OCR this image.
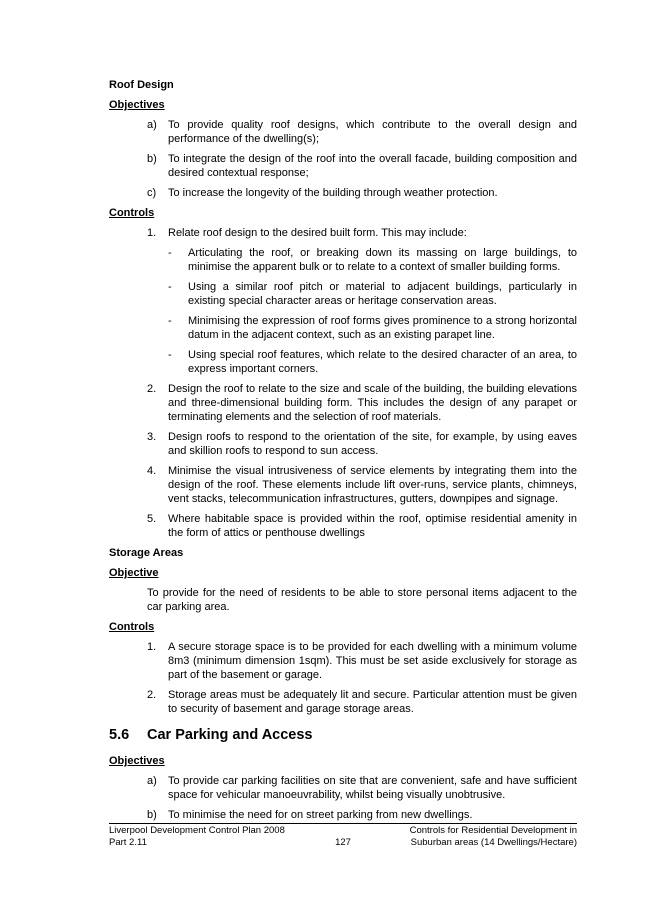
Roof Design
Objectives
a)	To provide quality roof designs, which contribute to the overall design and performance of the dwelling(s);
b)	To integrate the design of the roof into the overall facade, building composition and desired contextual response;
c)	To increase the longevity of the building through weather protection.
Controls
1.	Relate roof design to the desired built form. This may include:
-	Articulating the roof, or breaking down its massing on large buildings, to minimise the apparent bulk or to relate to a context of smaller building forms.
-	Using a similar roof pitch or material to adjacent buildings, particularly in existing special character areas or heritage conservation areas.
-	Minimising the expression of roof forms gives prominence to a strong horizontal datum in the adjacent context, such as an existing parapet line.
-	Using special roof features, which relate to the desired character of an area, to express important corners.
2.	Design the roof to relate to the size and scale of the building, the building elevations and three-dimensional building form. This includes the design of any parapet or terminating elements and the selection of roof materials.
3.	Design roofs to respond to the orientation of the site, for example, by using eaves and skillion roofs to respond to sun access.
4.	Minimise the visual intrusiveness of service elements by integrating them into the design of the roof. These elements include lift over-runs, service plants, chimneys, vent stacks, telecommunication infrastructures, gutters, downpipes and signage.
5.	Where habitable space is provided within the roof, optimise residential amenity in the form of attics or penthouse dwellings
Storage Areas
Objective
To provide for the need of residents to be able to store personal items adjacent to the car parking area.
Controls
1.	A secure storage space is to be provided for each dwelling with a minimum volume 8m3 (minimum dimension 1sqm). This must be set aside exclusively for storage as part of the basement or garage.
2.	Storage areas must be adequately lit and secure. Particular attention must be given to security of basement and garage storage areas.
5.6	Car Parking and Access
Objectives
a)	To provide car parking facilities on site that are convenient, safe and have sufficient space for vehicular manoeuvrability, whilst being visually unobtrusive.
b)	To minimise the need for on street parking from new dwellings.
Liverpool Development Control Plan 2008
Part 2.11	127
Controls for Residential Development in
Suburban areas (14 Dwellings/Hectare)
